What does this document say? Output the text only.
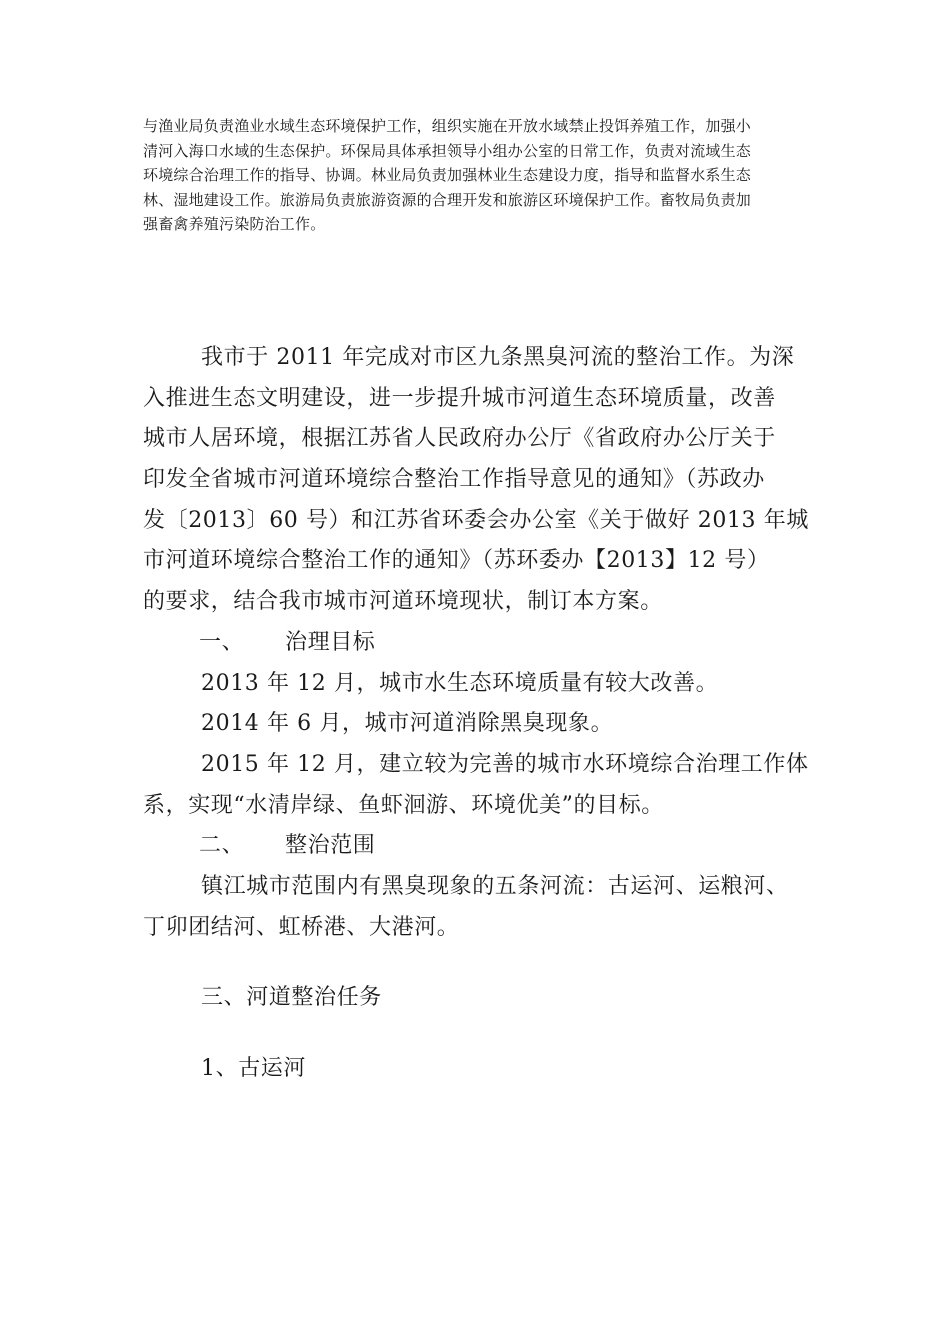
与渔业局负责渔业水域生态环境保护工作，组织实施在开放水域禁止投饵养殖工作，加强小
清河入海口水域的生态保护。环保局具体承担领导小组办公室的日常工作，负责对流域生态
环境综合治理工作的指导、协调。林业局负责加强林业生态建设力度，指导和监督水系生态
林、湿地建设工作。旅游局负责旅游资源的合理开发和旅游区环境保护工作。畜牧局负责加
强畜禽养殖污染防治工作。
我市于 2011 年完成对市区九条黑臭河流的整治工作。为深
入推进生态文明建设，进一步提升城市河道生态环境质量，改善
城市人居环境，根据江苏省人民政府办公厅《省政府办公厅关于
印发全省城市河道环境综合整治工作指导意见的通知》（苏政办
发〔2013〕60 号）和江苏省环委会办公室《关于做好 2013 年城
市河道环境综合整治工作的通知》（苏环委办【2013】12 号）
的要求，结合我市城市河道环境现状，制订本方案。
一、 治理目标
2013 年 12 月，城市水生态环境质量有较大改善。
2014 年 6 月，城市河道消除黑臭现象。
2015 年 12 月，建立较为完善的城市水环境综合治理工作体
系，实现“水清岸绿、鱼虾洄游、环境优美”的目标。
二、 整治范围
镇江城市范围内有黑臭现象的五条河流：古运河、运粮河、
丁卯团结河、虹桥港、大港河。
三、河道整治任务
1、古运河
